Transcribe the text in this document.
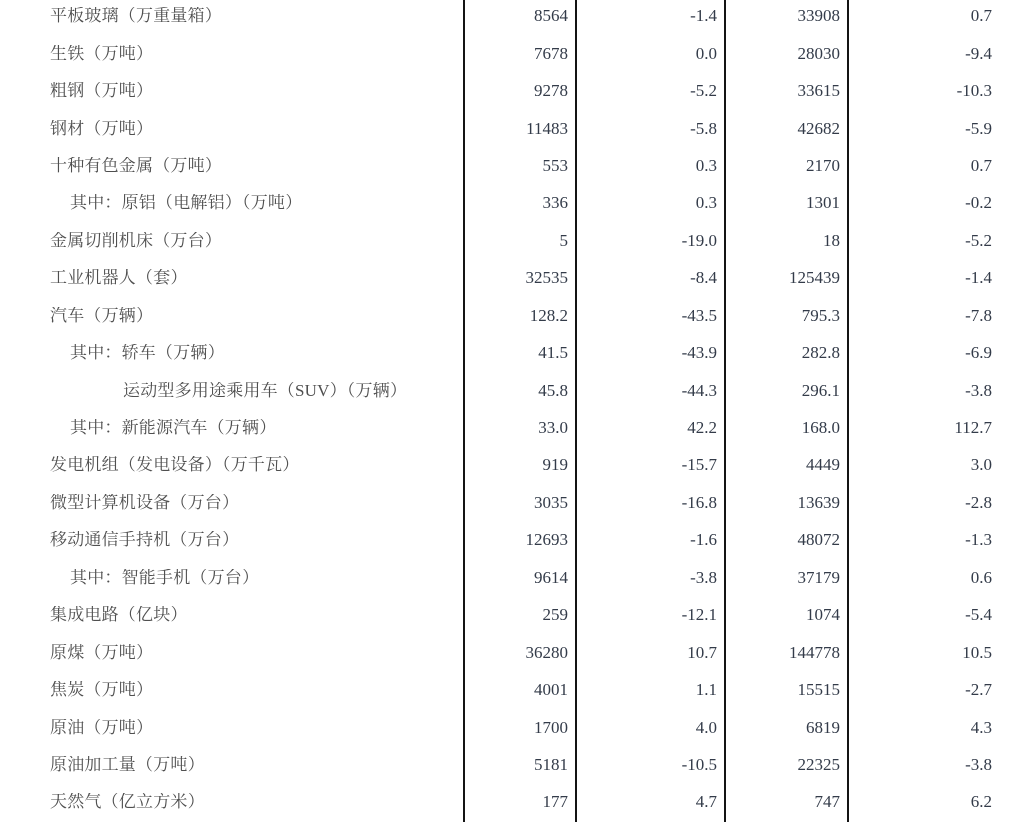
平板玻璃（万重量箱）	8564	-1.4	33908	0.7
生铁（万吨）	7678	0.0	28030	-9.4
粗钢（万吨）	9278	-5.2	33615	-10.3
钢材（万吨）	11483	-5.8	42682	-5.9
十种有色金属（万吨）	553	0.3	2170	0.7
其中：原铝（电解铝）（万吨）	336	0.3	1301	-0.2
金属切削机床（万台）	5	-19.0	18	-5.2
工业机器人（套）	32535	-8.4	125439	-1.4
汽车（万辆）	128.2	-43.5	795.3	-7.8
其中：轿车（万辆）	41.5	-43.9	282.8	-6.9
运动型多用途乘用车（SUV）（万辆）	45.8	-44.3	296.1	-3.8
其中：新能源汽车（万辆）	33.0	42.2	168.0	112.7
发电机组（发电设备）（万千瓦）	919	-15.7	4449	3.0
微型计算机设备（万台）	3035	-16.8	13639	-2.8
移动通信手持机（万台）	12693	-1.6	48072	-1.3
其中：智能手机（万台）	9614	-3.8	37179	0.6
集成电路（亿块）	259	-12.1	1074	-5.4
原煤（万吨）	36280	10.7	144778	10.5
焦炭（万吨）	4001	1.1	15515	-2.7
原油（万吨）	1700	4.0	6819	4.3
原油加工量（万吨）	5181	-10.5	22325	-3.8
天然气（亿立方米）	177	4.7	747	6.2
